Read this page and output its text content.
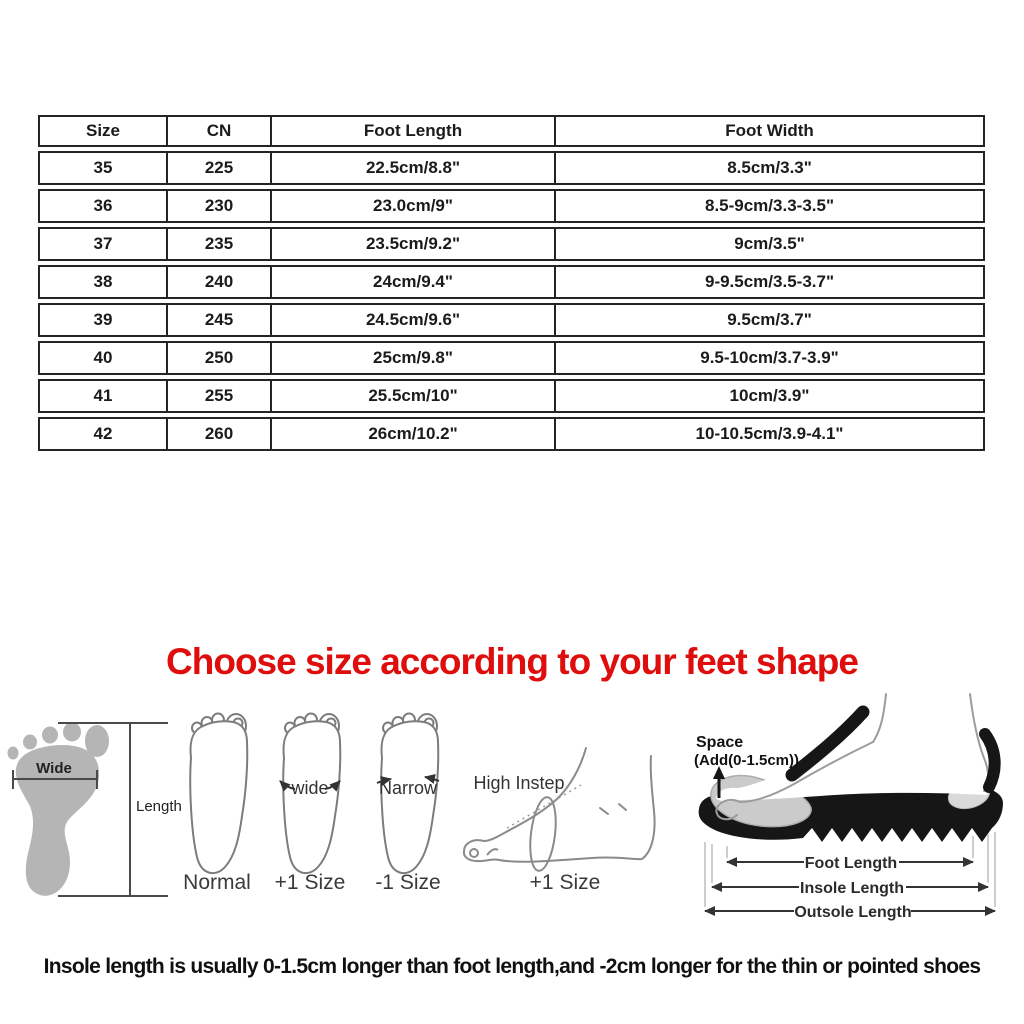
Size	CN	Foot Length	Foot Width
35	225	22.5cm/8.8"	8.5cm/3.3"
36	230	23.0cm/9"	8.5-9cm/3.3-3.5"
37	235	23.5cm/9.2"	9cm/3.5"
38	240	24cm/9.4"	9-9.5cm/3.5-3.7"
39	245	24.5cm/9.6"	9.5cm/3.7"
40	250	25cm/9.8"	9.5-10cm/3.7-3.9"
41	255	25.5cm/10"	10cm/3.9"
42	260	26cm/10.2"	10-10.5cm/3.9-4.1"
Choose size according to your feet shape
Wide
Length
Normal
wide
+1 Size
Narrow
-1 Size
High Instep
+1 Size
Space
(Add(0-1.5cm))
Foot Length
Insole Length
Outsole Length
Insole length is usually 0-1.5cm longer than foot length,and -2cm longer for the thin or pointed shoes
